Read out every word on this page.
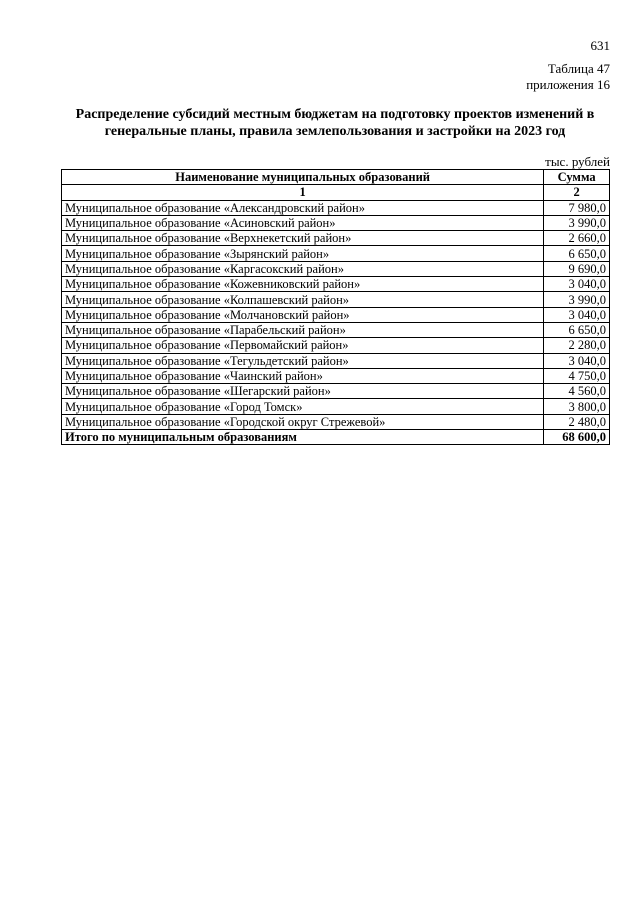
631
Таблица 47
приложения 16
Распределение субсидий местным бюджетам на подготовку проектов изменений в
генеральные планы, правила землепользования и застройки на 2023 год
тыс. рублей
Наименование муниципальных образований	Сумма
1	2
Муниципальное образование «Александровский район»	7 980,0
Муниципальное образование «Асиновский район»	3 990,0
Муниципальное образование «Верхнекетский район»	2 660,0
Муниципальное образование «Зырянский район»	6 650,0
Муниципальное образование «Каргасокский район»	9 690,0
Муниципальное образование «Кожевниковский район»	3 040,0
Муниципальное образование «Колпашевский район»	3 990,0
Муниципальное образование «Молчановский район»	3 040,0
Муниципальное образование «Парабельский район»	6 650,0
Муниципальное образование «Первомайский район»	2 280,0
Муниципальное образование «Тегульдетский район»	3 040,0
Муниципальное образование «Чаинский район»	4 750,0
Муниципальное образование «Шегарский район»	4 560,0
Муниципальное образование «Город Томск»	3 800,0
Муниципальное образование «Городской округ Стрежевой»	2 480,0
Итого по муниципальным образованиям	68 600,0
